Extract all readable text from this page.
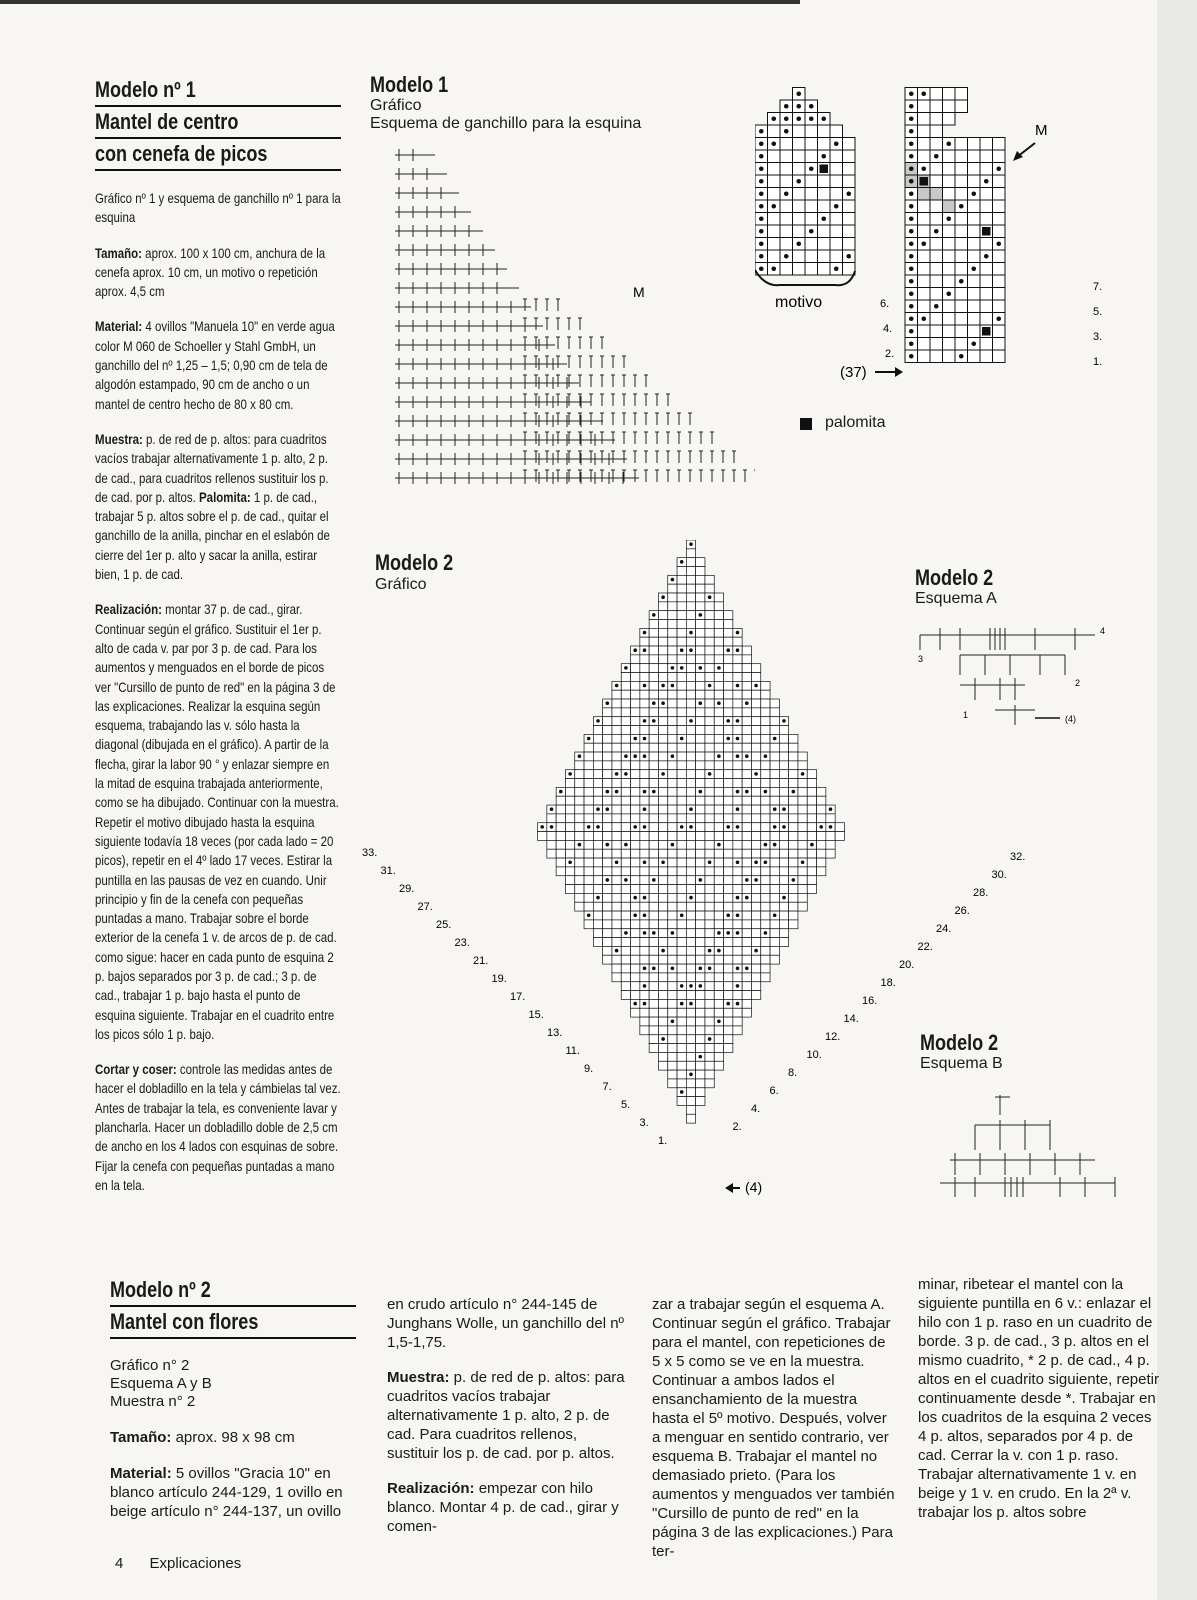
Modelo nº 1

Mantel de centro

con cenefa de picos

Gráfico nº 1 y esquema de ganchillo nº 1 para la esquina

Tamaño: aprox. 100 x 100 cm, anchura de la cenefa aprox. 10 cm, un motivo o repetición aprox. 4,5 cm

Material: 4 ovillos "Manuela 10" en verde agua color M 060 de Schoeller y Stahl GmbH, un ganchillo del nº 1,25 – 1,5; 0,90 cm de tela de algodón estampado, 90 cm de ancho o un mantel de centro hecho de 80 x 80 cm.

Muestra: p. de red de p. altos: para cuadritos vacíos trabajar alternativamente 1 p. alto, 2 p. de cad., para cuadritos rellenos sustituir los p. de cad. por p. altos. Palomita: 1 p. de cad., trabajar 5 p. altos sobre el p. de cad., quitar el ganchillo de la anilla, pinchar en el eslabón de cierre del 1er p. alto y sacar la anilla, estirar bien, 1 p. de cad.

Realización: montar 37 p. de cad., girar. Continuar según el gráfico. Sustituir el 1er p. alto de cada v. par por 3 p. de cad. Para los aumentos y menguados en el borde de picos ver "Cursillo de punto de red" en la página 3 de las explicaciones. Realizar la esquina según esquema, trabajando las v. sólo hasta la diagonal (dibujada en el gráfico). A partir de la flecha, girar la labor 90 ° y enlazar siempre en la mitad de esquina trabajada anteriormente, como se ha dibujado. Continuar con la muestra. Repetir el motivo dibujado hasta la esquina siguiente todavía 18 veces (por cada lado = 20 picos), repetir en el 4º lado 17 veces. Estirar la puntilla en las pausas de vez en cuando. Unir principio y fin de la cenefa con pequeñas puntadas a mano. Trabajar sobre el borde exterior de la cenefa 1 v. de arcos de p. de cad. como sigue: hacer en cada punto de esquina 2 p. bajos separados por 3 p. de cad.; 3 p. de cad., trabajar 1 p. bajo hasta el punto de esquina siguiente. Trabajar en el cuadrito entre los picos sólo 1 p. bajo.

Cortar y coser: controle las medidas antes de hacer el dobladillo en la tela y cámbielas tal vez. Antes de trabajar la tela, es conveniente lavar y plancharla. Hacer un dobladillo doble de 2,5 cm de ancho en los 4 lados con esquinas de sobre. Fijar la cenefa con pequeñas puntadas a mano en la tela.

Modelo 1
Gráfico
Esquema de ganchillo para la esquina
M
M
motivo	6.
4.
2.
(37)
7.
5.
3.
1.
palomita
Modelo 2
Gráfico
33.
31.
29.
27.
25.
23.
21.
19.
17.
15.
13.
11.
9.
7.
5.
3.
1.
32.
30.
28.
26.
24.
22.
20.
18.
16.
14.
12.
10.
8.
6.
4.
2.
(4)
Modelo 2
Esquema A
4
3
2
1	(4)
Modelo 2
Esquema B

Modelo nº 2

Mantel con flores

Gráfico n° 2
Esquema A y B
Muestra n° 2

Tamaño: aprox. 98 x 98 cm

Material: 5 ovillos "Gracia 10" en blanco artículo 244-129, 1 ovillo en beige artículo n° 244-137, un ovillo

en crudo artículo n° 244-145 de Junghans Wolle, un ganchillo del nº 1,5-1,75.

Muestra: p. de red de p. altos: para cuadritos vacíos trabajar alternativamente 1 p. alto, 2 p. de cad. Para cuadritos rellenos, sustituir los p. de cad. por p. altos.

Realización: empezar con hilo blanco. Montar 4 p. de cad., girar y comen-

zar a trabajar según el esquema A. Continuar según el gráfico. Trabajar para el mantel, con repeticiones de 5 x 5 como se ve en la muestra. Continuar a ambos lados el ensanchamiento de la muestra hasta el 5º motivo. Después, volver a menguar en sentido contrario, ver esquema B. Trabajar el mantel no demasiado prieto. (Para los aumentos y menguados ver también "Cursillo de punto de red" en la página 3 de las explicaciones.) Para ter-
minar, ribetear el mantel con la siguiente puntilla en 6 v.: enlazar el hilo con 1 p. raso en un cuadrito de borde. 3 p. de cad., 3 p. altos en el mismo cuadrito, * 2 p. de cad., 4 p. altos en el cuadrito siguiente, repetir continuamente desde *. Trabajar en los cuadritos de la esquina 2 veces 4 p. altos, separados por 4 p. de cad. Cerrar la v. con 1 p. raso. Trabajar alternativamente 1 v. en beige y 1 v. en crudo. En la 2ª v. trabajar los p. altos sobre
4 Explicaciones
